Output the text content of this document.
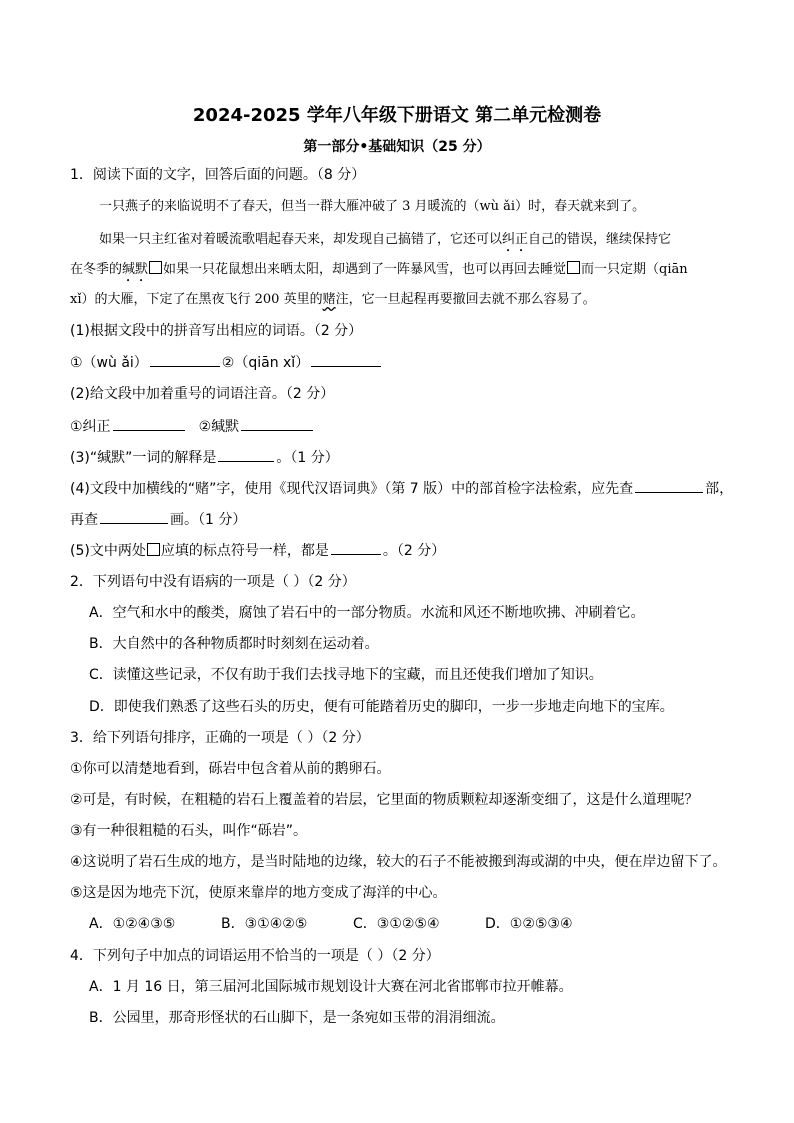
2024-2025 学年八年级下册语文 第二单元检测卷
第一部分•基础知识（25 分）
1．阅读下面的文字，回答后面的问题。（8 分）
一只燕子的来临说明不了春天，但当一群大雁冲破了 3 月暖流的（wù ǎi）时，春天就来到了。
如果一只主红雀对着暖流歌唱起春天来，却发现自己搞错了，它还可以纠正自己的错误，继续保持它
在冬季的缄默 如果一只花鼠想出来晒太阳，却遇到了一阵暴风雪，也可以再回去睡觉 而一只定期（qiān
xǐ）的大雁，下定了在黑夜飞行 200 英里的赌注，它一旦起程再要撤回去就不那么容易了。
(1)根据文段中的拼音写出相应的词语。（2 分）
①（wù ǎi）	②（qiān xǐ）
(2)给文段中加着重号的词语注音。（2 分）
①纠正	②缄默
(3)“缄默”一词的解释是	。（1 分）
(4)文段中加横线的“赌”字，使用《现代汉语词典》（第 7 版）中的部首检字法检索，应先查	部，
再查	画。（1 分）
(5)文中两处 应填的标点符号一样，都是	。（2 分）
2．下列语句中没有语病的一项是（ ）（2 分）
A．空气和水中的酸类，腐蚀了岩石中的一部分物质。水流和风还不断地吹拂、冲刷着它。
B．大自然中的各种物质都时时刻刻在运动着。
C．读懂这些记录，不仅有助于我们去找寻地下的宝藏，而且还使我们增加了知识。
D．即使我们熟悉了这些石头的历史，便有可能踏着历史的脚印，一步一步地走向地下的宝库。
3．给下列语句排序，正确的一项是（ ）（2 分）
①你可以清楚地看到，砾岩中包含着从前的鹅卵石。
②可是，有时候，在粗糙的岩石上覆盖着的岩层，它里面的物质颗粒却逐渐变细了，这是什么道理呢？
③有一种很粗糙的石头，叫作“砾岩”。
④这说明了岩石生成的地方，是当时陆地的边缘，较大的石子不能被搬到海或湖的中央，便在岸边留下了。
⑤这是因为地壳下沉，使原来靠岸的地方变成了海洋的中心。
A．①②④③⑤	B．③①④②⑤	C．③①②⑤④	D．①②⑤③④
4．下列句子中加点的词语运用不恰当的一项是（ ）（2 分）
A．1 月 16 日，第三届河北国际城市规划设计大赛在河北省邯郸市拉开帷幕。
B．公园里，那奇形怪状的石山脚下，是一条宛如玉带的涓涓细流。
